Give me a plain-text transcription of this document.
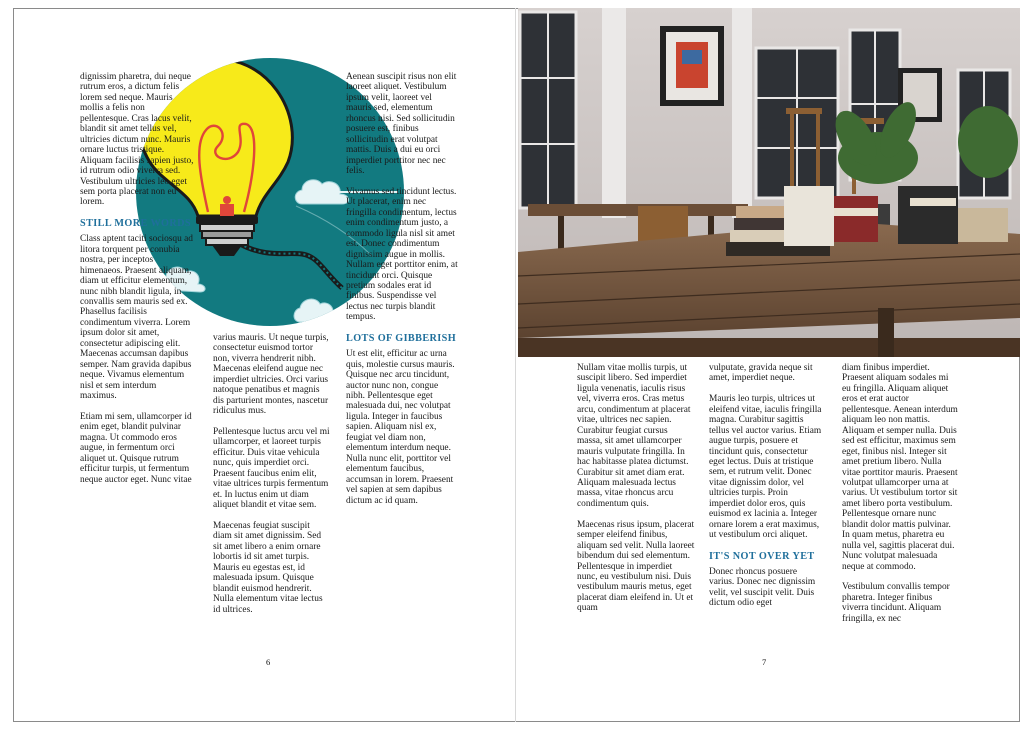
dignissim pharetra, dui neque rutrum eros, a dictum felis lorem sed neque. Mauris mollis a felis non pellentesque. Cras lacus velit, blandit sit amet tellus vel, ultricies dictum nunc. Mauris ornare luctus tristique. Aliquam facilisis sapien justo, id rutrum odio viverra sed. Vestibulum ultricies leo eget sem porta placerat non eu lorem.

STILL MORE WORDS

Class aptent taciti sociosqu ad litora torquent per conubia nostra, per inceptos himenaeos. Praesent aliquam, diam ut efficitur elementum, nunc nibh blandit ligula, in convallis sem mauris sed ex. Phasellus facilisis condimentum viverra. Lorem ipsum dolor sit amet, consectetur adipiscing elit. Maecenas accumsan dapibus semper. Nam gravida dapibus neque. Vivamus elementum nisl et sem interdum maximus.

Etiam mi sem, ullamcorper id enim eget, blandit pulvinar magna. Ut commodo eros augue, in fermentum orci aliquet ut. Quisque rutrum efficitur turpis, ut fermentum neque auctor eget. Nunc vitae

varius mauris. Ut neque turpis, consectetur euismod tortor non, viverra hendrerit nibh. Maecenas eleifend augue nec imperdiet ultricies. Orci varius natoque penatibus et magnis dis parturient montes, nascetur ridiculus mus.

Pellentesque luctus arcu vel mi ullamcorper, et laoreet turpis efficitur. Duis vitae vehicula nunc, quis imperdiet orci. Praesent faucibus enim elit, vitae ultrices turpis fermentum et. In luctus enim ut diam aliquet blandit et vitae sem.

Maecenas feugiat suscipit diam sit amet dignissim. Sed sit amet libero a enim ornare lobortis id sit amet turpis. Mauris eu egestas est, id malesuada ipsum. Quisque blandit euismod hendrerit. Nulla elementum vitae lectus id ultrices.

Aenean suscipit risus non elit laoreet aliquet. Vestibulum ipsum velit, laoreet vel mauris sed, elementum rhoncus nisi. Sed sollicitudin posuere est, finibus sollicitudin erat volutpat mattis. Duis a dui eu orci imperdiet porttitor nec nec felis.

Vivamus sed tincidunt lectus. Ut placerat, enim nec fringilla condimentum, lectus enim condimentum justo, a commodo ligula nisl sit amet est. Donec condimentum dignissim augue in mollis. Nullam eget porttitor enim, at tincidunt orci. Quisque pretium sodales erat id finibus. Suspendisse vel lectus nec turpis blandit tempus.

LOTS OF GIBBERISH

Ut est elit, efficitur ac urna quis, molestie cursus mauris. Quisque nec arcu tincidunt, auctor nunc non, congue nibh. Pellentesque eget malesuada dui, nec volutpat ligula. Integer in faucibus sapien. Aliquam nisl ex, feugiat vel diam non, elementum interdum neque. Nulla nunc elit, porttitor vel elementum faucibus, accumsan in lorem. Praesent vel sapien at sem dapibus dictum ac id quam.

Nullam vitae mollis turpis, ut suscipit libero. Sed imperdiet ligula venenatis, iaculis risus vel, viverra eros. Cras metus arcu, condimentum at placerat vitae, ultrices nec sapien. Curabitur feugiat cursus massa, sit amet ullamcorper mauris vulputate fringilla. In hac habitasse platea dictumst. Curabitur sit amet diam erat. Aliquam malesuada lectus massa, vitae rhoncus arcu condimentum quis.

Maecenas risus ipsum, placerat semper eleifend finibus, aliquam sed velit. Nulla laoreet bibendum dui sed elementum. Pellentesque in imperdiet nunc, eu vestibulum nisi. Duis vestibulum mauris metus, eget placerat diam eleifend in. Ut et quam

vulputate, gravida neque sit amet, imperdiet neque.

Mauris leo turpis, ultrices ut eleifend vitae, iaculis fringilla magna. Curabitur sagittis tellus vel auctor varius. Etiam augue turpis, posuere et tincidunt quis, consectetur eget lectus. Duis at tristique sem, et rutrum velit. Donec vitae dignissim dolor, vel ultricies turpis. Proin imperdiet dolor eros, quis euismod ex lacinia a. Integer ornare lorem a erat maximus, ut vestibulum orci aliquet.

IT'S NOT OVER YET

Donec rhoncus posuere varius. Donec nec dignissim velit, vel suscipit velit. Duis dictum odio eget

diam finibus imperdiet. Praesent aliquam sodales mi eu fringilla. Aliquam aliquet eros et erat auctor pellentesque. Aenean interdum aliquam leo non mattis. Aliquam et semper nulla. Duis sed est efficitur, maximus sem eget, finibus nisl. Integer sit amet pretium libero. Nulla vitae porttitor mauris. Praesent volutpat ullamcorper urna at varius. Ut vestibulum tortor sit amet libero porta vestibulum. Pellentesque ornare nunc blandit dolor mattis pulvinar. In quam metus, pharetra eu nulla vel, sagittis placerat dui. Nunc volutpat malesuada neque at commodo.

Vestibulum convallis tempor pharetra. Integer finibus viverra tincidunt. Aliquam fringilla, ex nec

6	7
